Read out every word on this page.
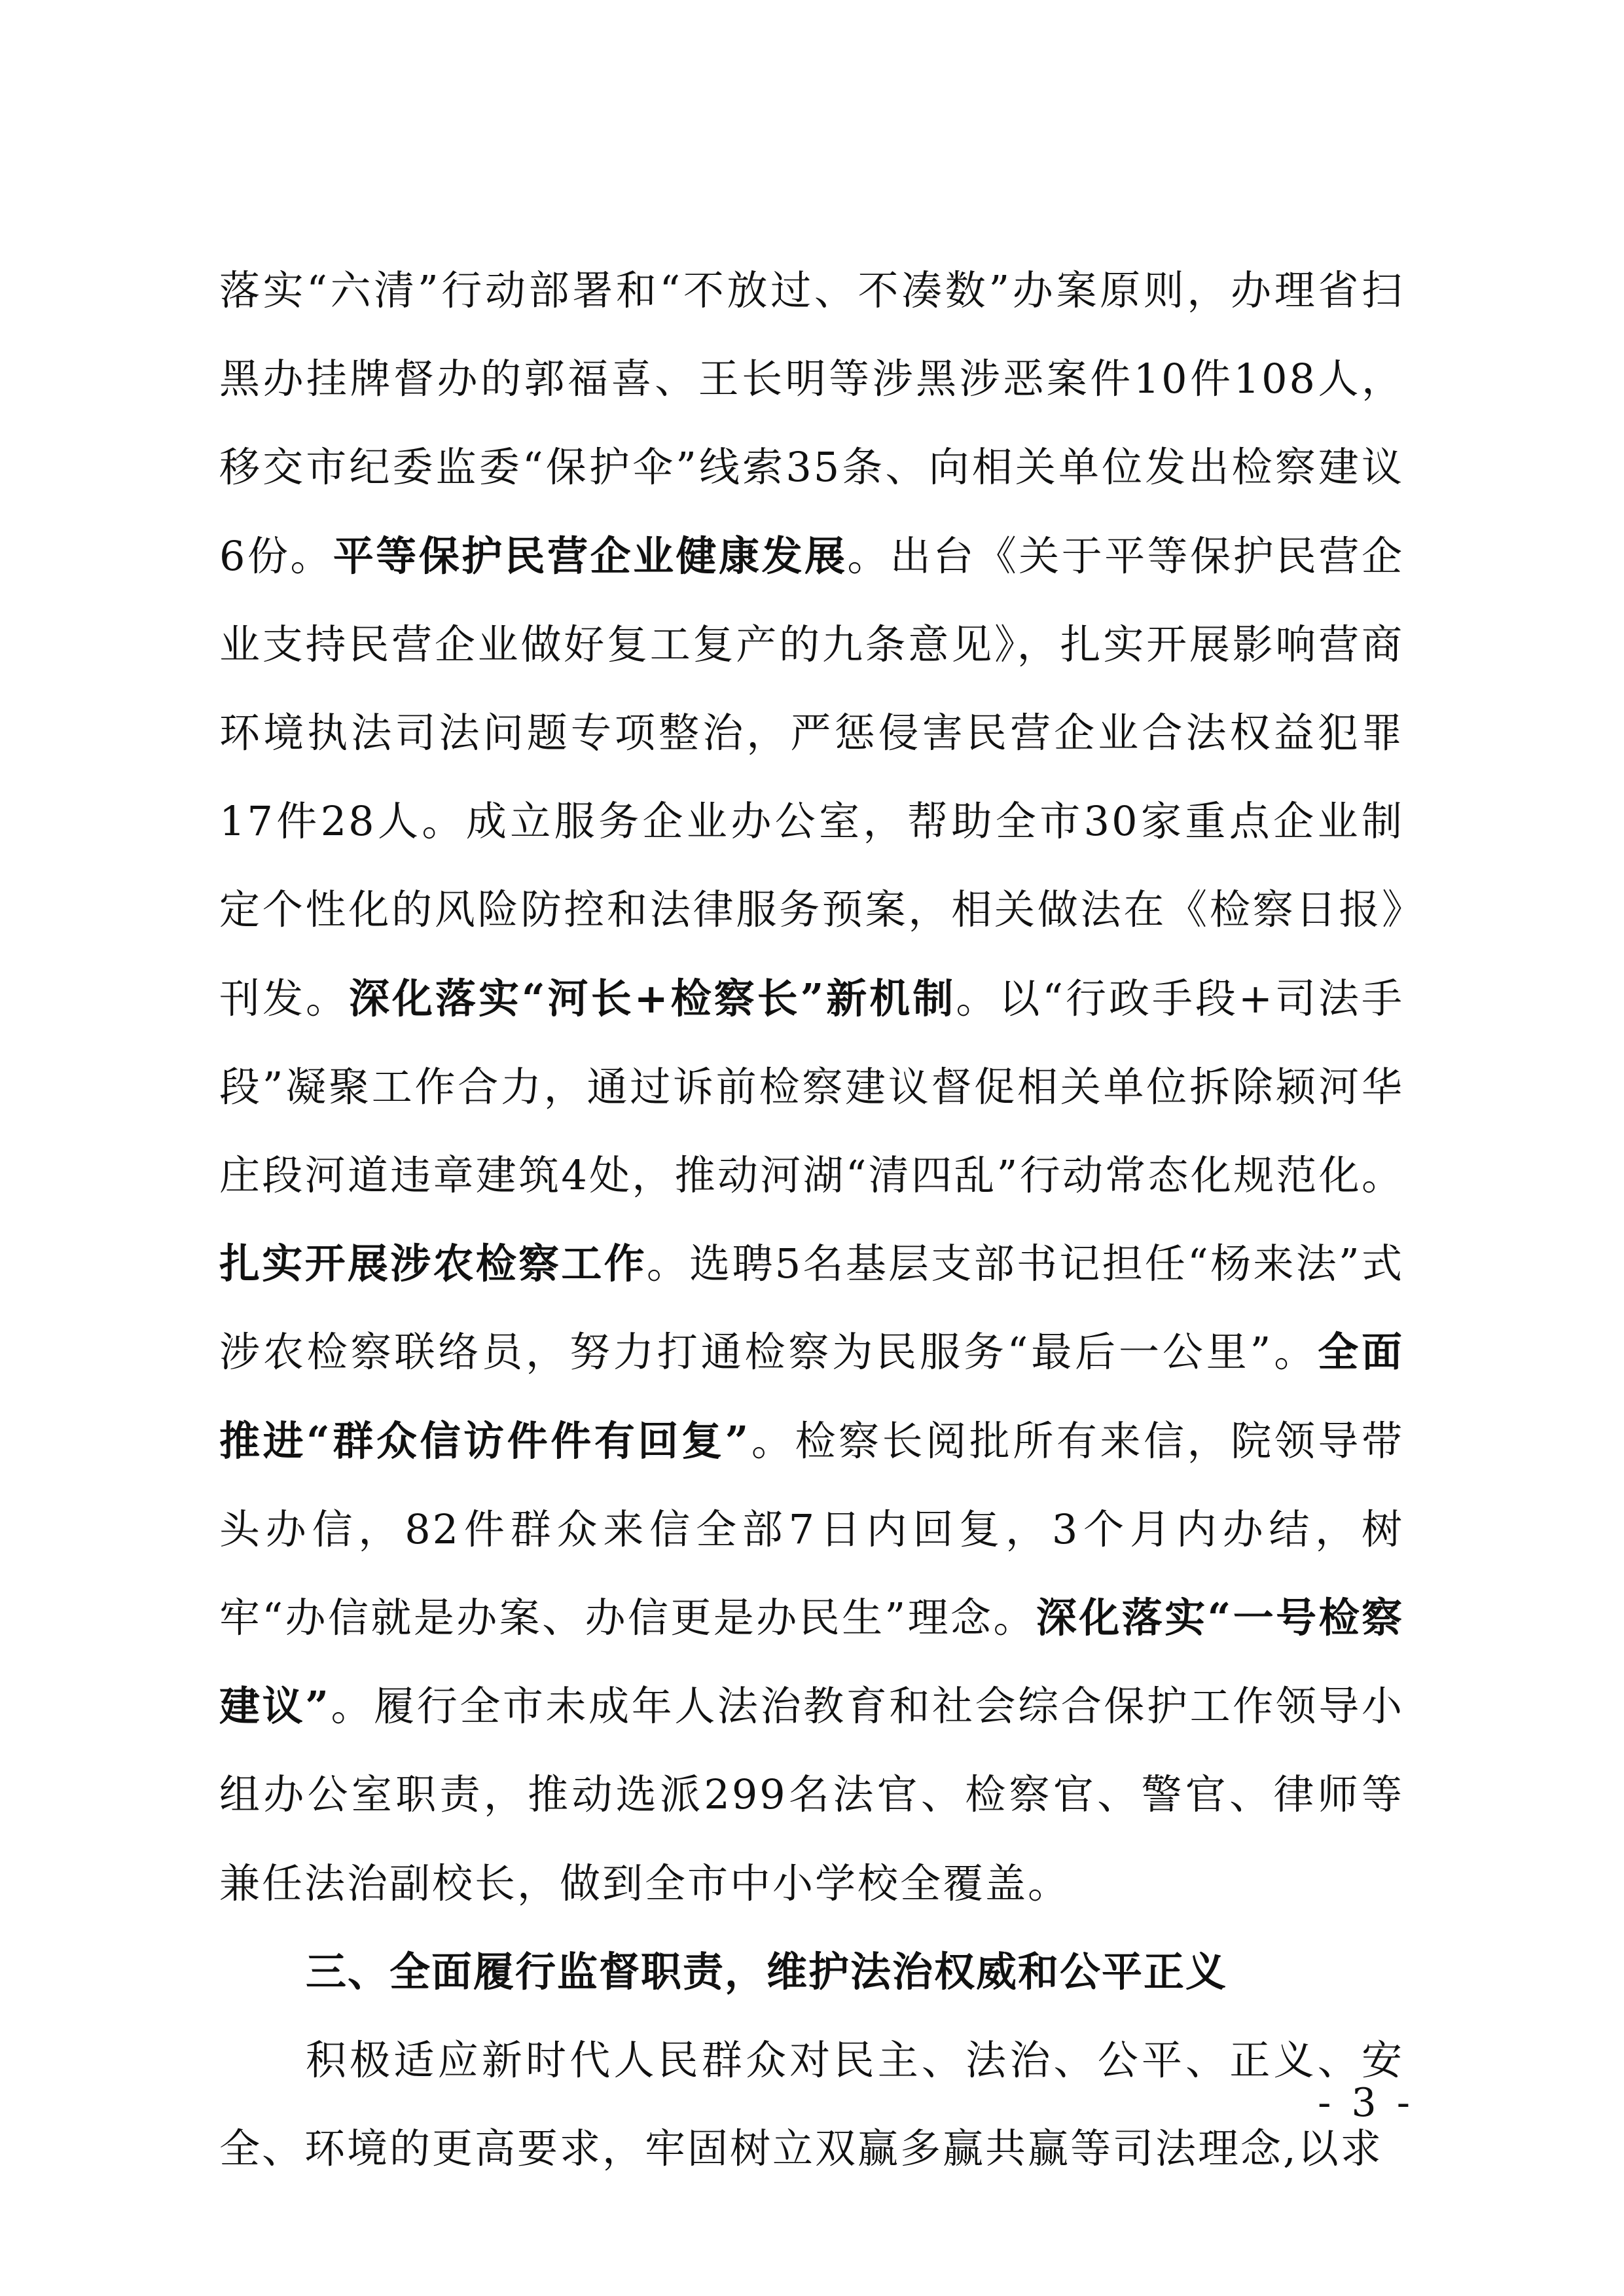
落实“六清”行动部署和“不放过、不凑数”办案原则，办理省扫黑办挂牌督办的郭福喜、王长明等涉黑涉恶案件10件108人，移交市纪委监委“保护伞”线索35条、向相关单位发出检察建议6份。平等保护民营企业健康发展。出台《关于平等保护民营企业支持民营企业做好复工复产的九条意见》，扎实开展影响营商环境执法司法问题专项整治，严惩侵害民营企业合法权益犯罪17件28人。成立服务企业办公室，帮助全市30家重点企业制定个性化的风险防控和法律服务预案，相关做法在《检察日报》刊发。深化落实“河长+检察长”新机制。以“行政手段+司法手段”凝聚工作合力，通过诉前检察建议督促相关单位拆除颍河华庄段河道违章建筑4处，推动河湖“清四乱”行动常态化规范化。扎实开展涉农检察工作。选聘5名基层支部书记担任“杨来法”式涉农检察联络员，努力打通检察为民服务“最后一公里”。全面推进“群众信访件件有回复”。检察长阅批所有来信，院领导带头办信，82件群众来信全部7日内回复，3个月内办结，树牢“办信就是办案、办信更是办民生”理念。深化落实“一号检察建议”。履行全市未成年人法治教育和社会综合保护工作领导小组办公室职责，推动选派299名法官、检察官、警官、律师等兼任法治副校长，做到全市中小学校全覆盖。

三、全面履行监督职责，维护法治权威和公平正义

积极适应新时代人民群众对民主、法治、公平、正义、安全、环境的更高要求，牢固树立双赢多赢共赢等司法理念,以求

- 3 -
